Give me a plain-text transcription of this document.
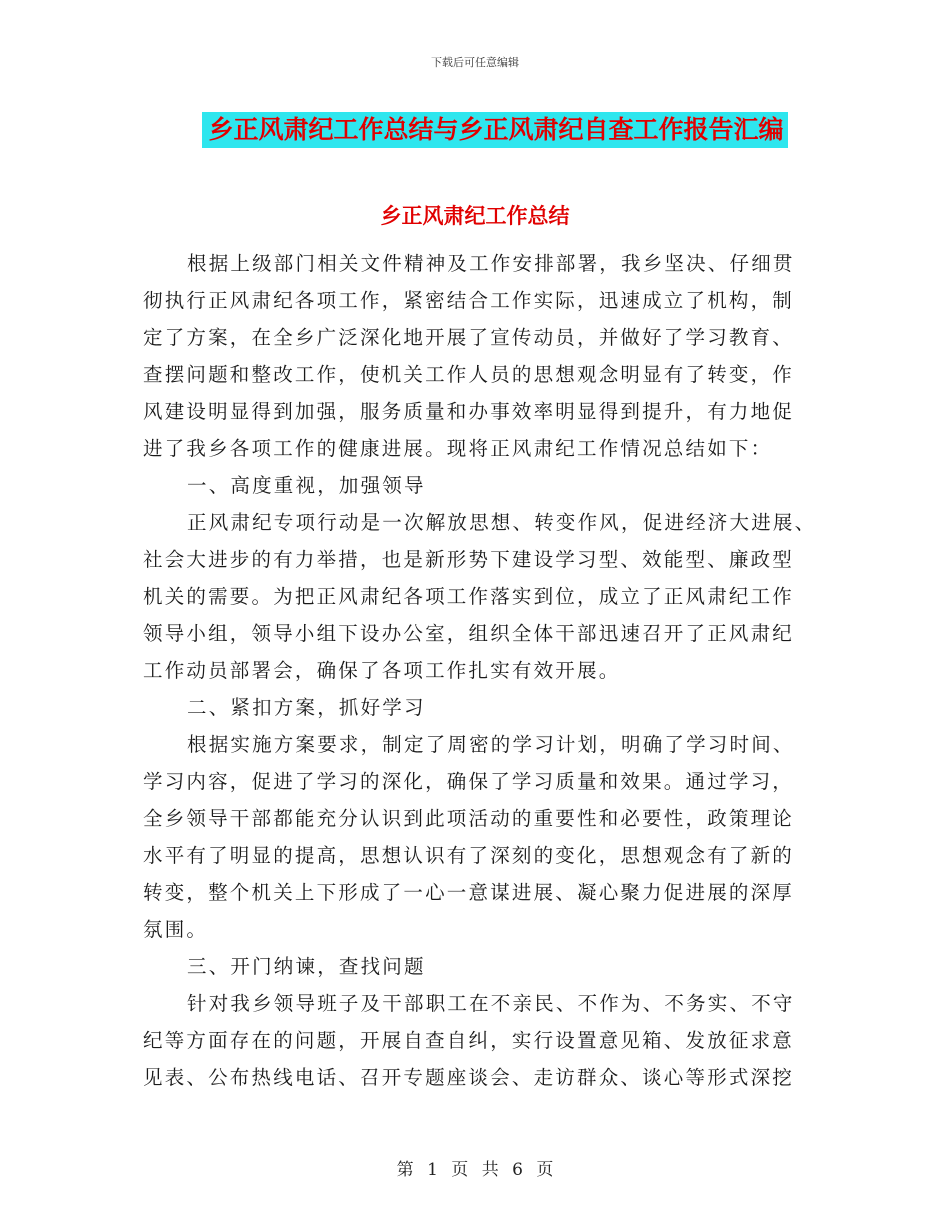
下载后可任意编辑
乡正风肃纪工作总结与乡正风肃纪自查工作报告汇编
乡正风肃纪工作总结
根据上级部门相关文件精神及工作安排部署，我乡坚决、仔细贯
彻执行正风肃纪各项工作，紧密结合工作实际，迅速成立了机构，制
定了方案，在全乡广泛深化地开展了宣传动员，并做好了学习教育、
查摆问题和整改工作，使机关工作人员的思想观念明显有了转变，作
风建设明显得到加强，服务质量和办事效率明显得到提升，有力地促
进了我乡各项工作的健康进展。现将正风肃纪工作情况总结如下：
一、高度重视，加强领导
正风肃纪专项行动是一次解放思想、转变作风，促进经济大进展、
社会大进步的有力举措，也是新形势下建设学习型、效能型、廉政型
机关的需要。为把正风肃纪各项工作落实到位，成立了正风肃纪工作
领导小组，领导小组下设办公室，组织全体干部迅速召开了正风肃纪
工作动员部署会，确保了各项工作扎实有效开展。
二、紧扣方案，抓好学习
根据实施方案要求，制定了周密的学习计划，明确了学习时间、
学习内容，促进了学习的深化，确保了学习质量和效果。通过学习，
全乡领导干部都能充分认识到此项活动的重要性和必要性，政策理论
水平有了明显的提高，思想认识有了深刻的变化，思想观念有了新的
转变，整个机关上下形成了一心一意谋进展、凝心聚力促进展的深厚
氛围。
三、开门纳谏，查找问题
针对我乡领导班子及干部职工在不亲民、不作为、不务实、不守
纪等方面存在的问题，开展自查自纠，实行设置意见箱、发放征求意
见表、公布热线电话、召开专题座谈会、走访群众、谈心等形式深挖
第 1 页 共 6 页
